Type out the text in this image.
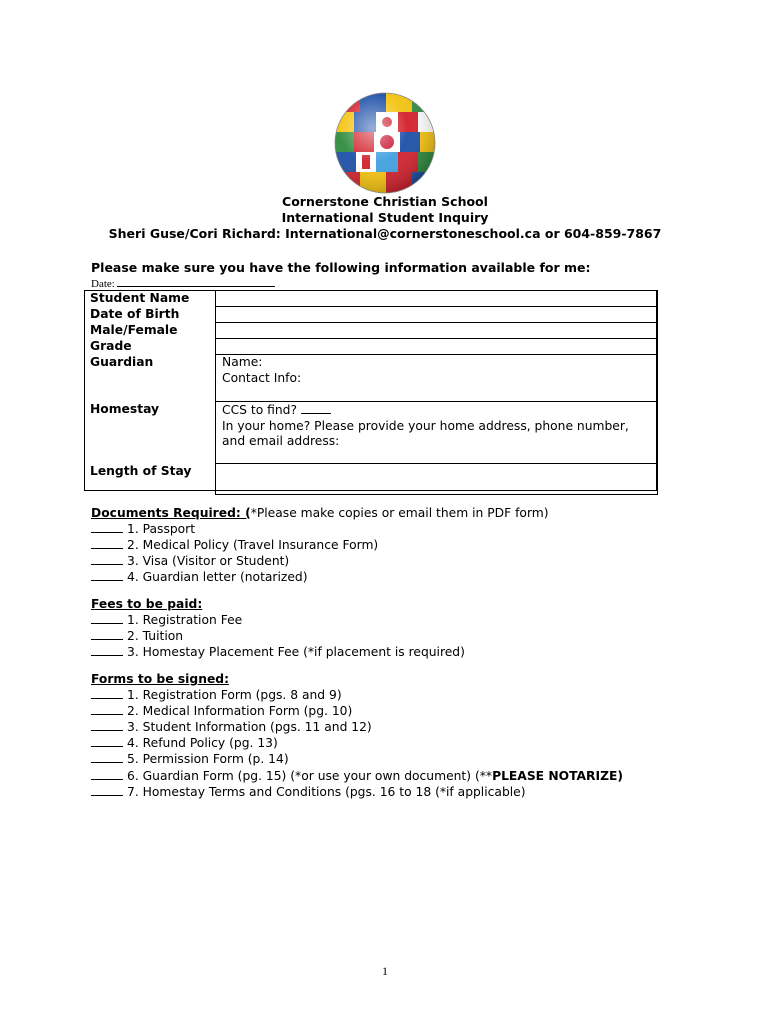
Cornerstone Christian School
International Student Inquiry
Sheri Guse/Cori Richard: International@cornerstoneschool.ca or 604-859-7867
Please make sure you have the following information available for me:
Date:
Student Name	
Date of Birth	
Male/Female	
Grade	
Guardian	Name:
Contact Info:

Homestay	CCS to find?
In your home? Please provide your home address, phone number, and email address:

Length of Stay	
Documents Required: (*Please make copies or email them in PDF form)
1. Passport
2. Medical Policy (Travel Insurance Form)
3. Visa (Visitor or Student)
4. Guardian letter (notarized)
Fees to be paid:
1. Registration Fee
2. Tuition
3. Homestay Placement Fee (*if placement is required)
Forms to be signed:
1. Registration Form (pgs. 8 and 9)
2. Medical Information Form (pg. 10)
3. Student Information (pgs. 11 and 12)
4. Refund Policy (pg. 13)
5. Permission Form (p. 14)
6. Guardian Form (pg. 15) (*or use your own document) (**PLEASE NOTARIZE)
7. Homestay Terms and Conditions (pgs. 16 to 18 (*if applicable)
1
